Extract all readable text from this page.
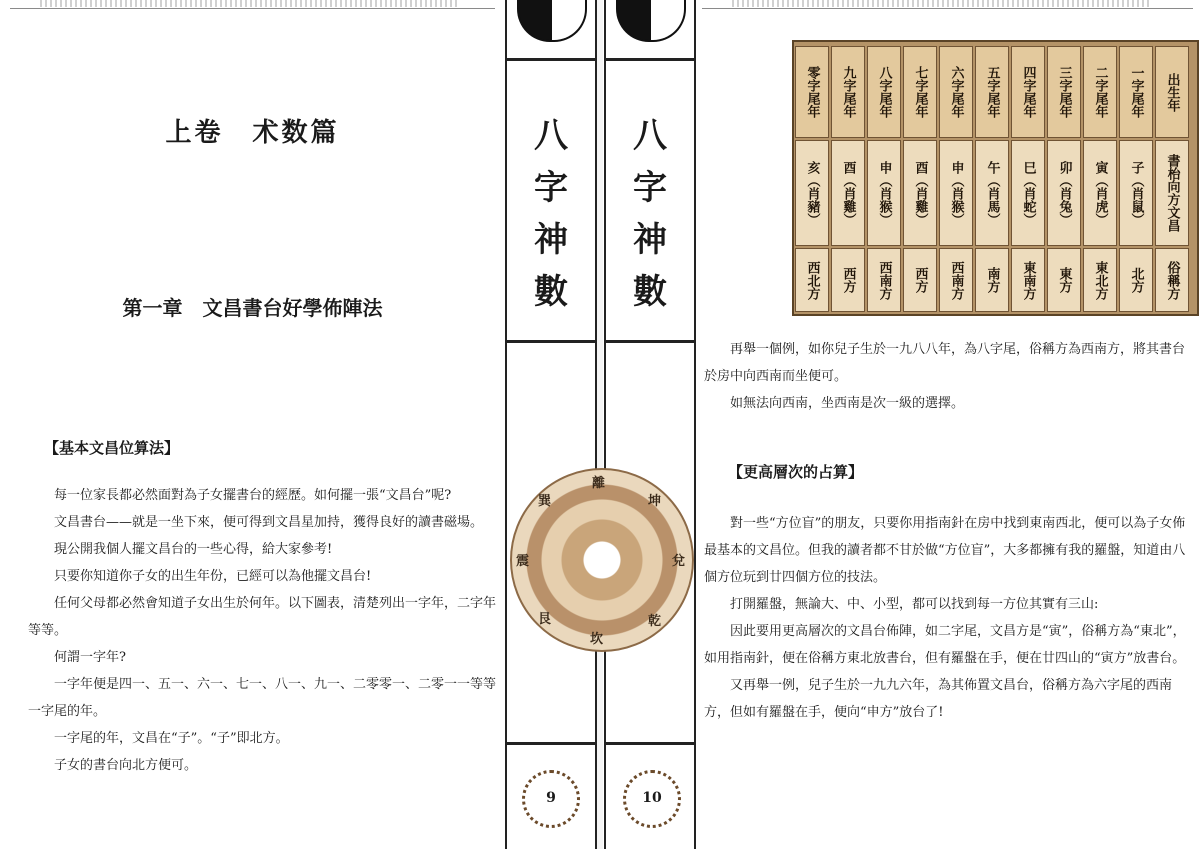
上卷　术数篇
第一章　文昌書台好學佈陣法
【基本文昌位算法】

每一位家長都必然面對為子女擺書台的經歷。如何擺一張“文昌台”呢?

文昌書台——就是一坐下來，便可得到文昌星加持，獲得良好的讀書磁場。

現公開我個人擺文昌台的一些心得，給大家參考!

只要你知道你子女的出生年份，已經可以為他擺文昌台!

任何父母都必然會知道子女出生於何年。以下圖表，清楚列出一字年，二字年等等。

何謂一字年?

一字年便是四一、五一、六一、七一、八一、九一、二零零一、二零一一等等一字尾的年。

一字尾的年，文昌在“子”。“子”即北方。

子女的書台向北方便可。

八
字
神
數
9
八
字
神
數
10
離
巽	坤
兌
乾
坎
艮
震
出生年
書枱向方文昌
俗稱方
一字尾年
子（肖鼠）
北方
二字尾年
寅（肖虎）
東北方
三字尾年
卯（肖兔）
東方
四字尾年
巳（肖蛇）
東南方
五字尾年
午（肖馬）
南方
六字尾年
申（肖猴）
西南方
七字尾年
酉（肖雞）
西方
八字尾年
申（肖猴）
西南方
九字尾年
酉（肖雞）
西方
零字尾年
亥（肖豬）
西北方

再舉一個例，如你兒子生於一九八八年，為八字尾，俗稱方為西南方，將其書台於房中向西南而坐便可。

如無法向西南，坐西南是次一級的選擇。

【更高層次的占算】

對一些“方位盲”的朋友，只要你用指南針在房中找到東南西北，便可以為子女佈最基本的文昌位。但我的讀者都不甘於做“方位盲”，大多都擁有我的羅盤，知道由八個方位玩到廿四個方位的技法。

打開羅盤，無論大、中、小型，都可以找到每一方位其實有三山:

因此要用更高層次的文昌台佈陣，如二字尾，文昌方是“寅”，俗稱方為“東北”，如用指南針，便在俗稱方東北放書台，但有羅盤在手，便在廿四山的“寅方”放書台。

又再舉一例，兒子生於一九九六年，為其佈置文昌台，俗稱方為六字尾的西南方，但如有羅盤在手，便向“申方”放台了!
